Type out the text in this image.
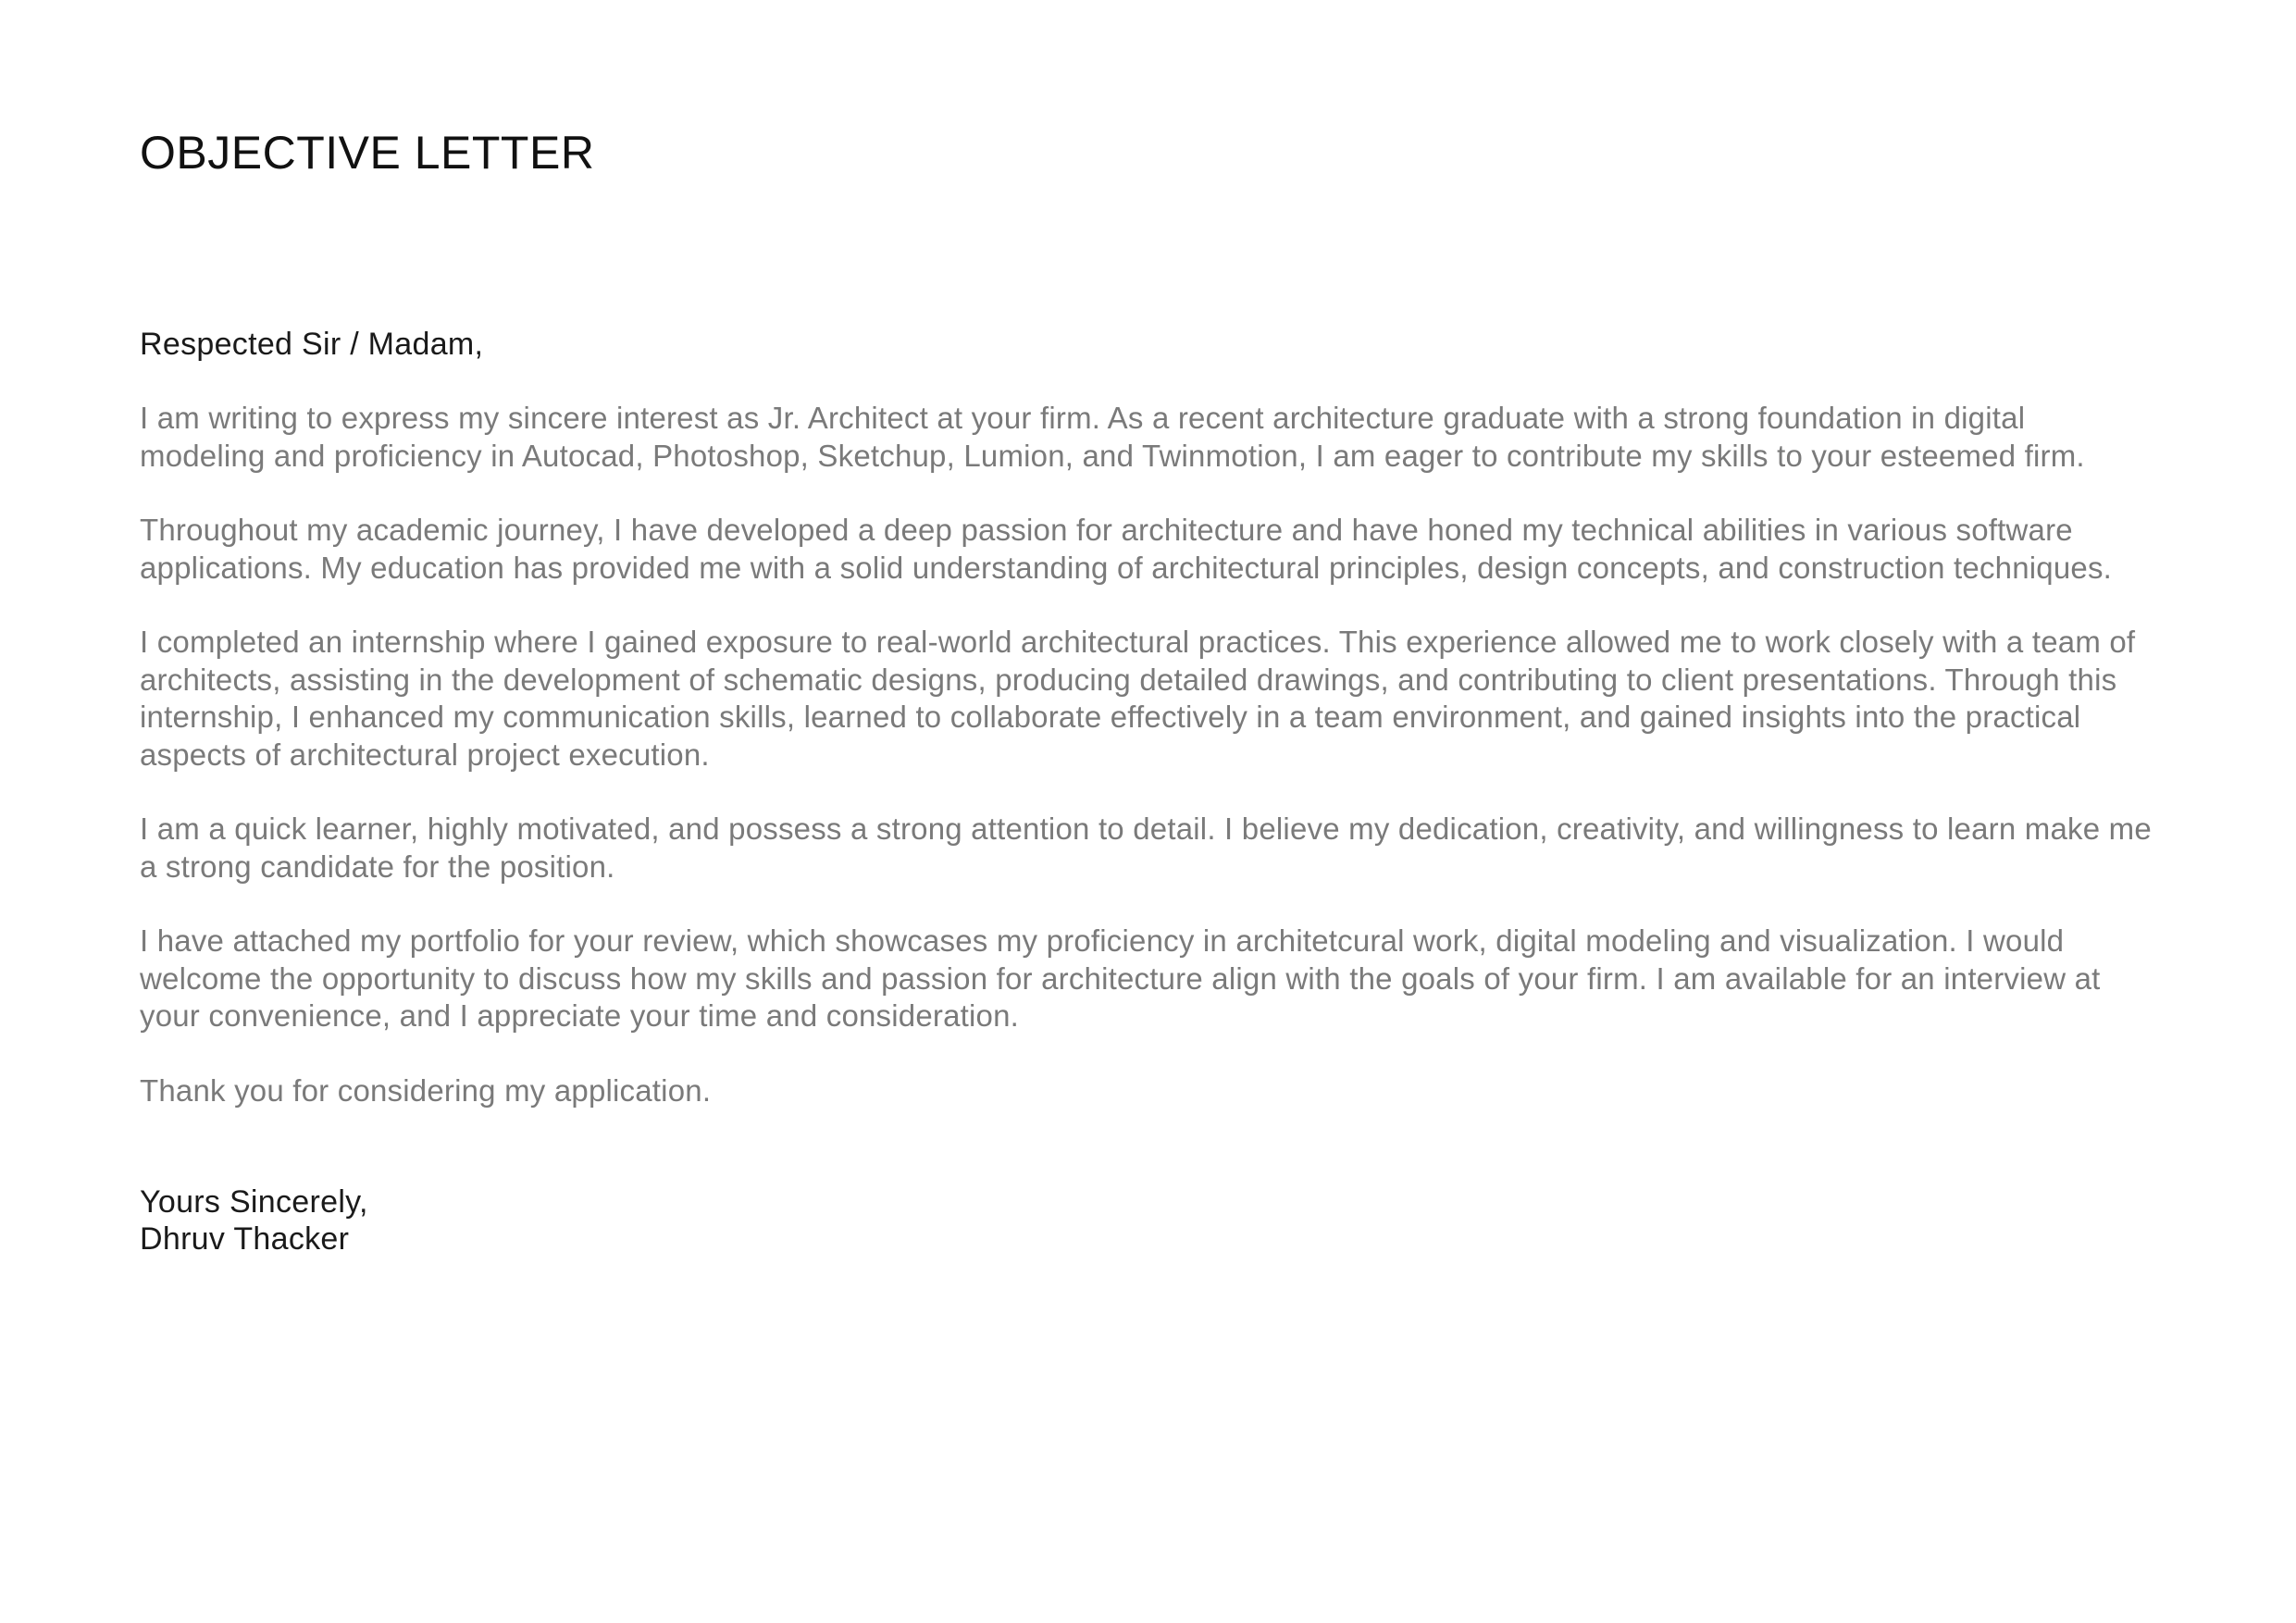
OBJECTIVE LETTER

Respected Sir / Madam,

I am writing to express my sincere interest as Jr. Architect at your firm. As a recent architecture graduate with a strong foundation in digital modeling and proficiency in Autocad, Photoshop, Sketchup, Lumion, and Twinmotion, I am eager to contribute my skills to your esteemed firm.

Throughout my academic journey, I have developed a deep passion for architecture and have honed my technical abilities in various software applications. My education has provided me with a solid understanding of architectural principles, design concepts, and construction techniques.

I completed an internship where I gained exposure to real-world architectural practices. This experience allowed me to work closely with a team of architects, assisting in the development of schematic designs, producing detailed drawings, and contributing to client presentations. Through this internship, I enhanced my communication skills, learned to collaborate effectively in a team environment, and gained insights into the practical aspects of architectural project execution.

I am a quick learner, highly motivated, and possess a strong attention to detail. I believe my dedication, creativity, and willingness to learn make me a strong candidate for the position.

I have attached my portfolio for your review, which showcases my proficiency in architetcural work, digital modeling and visualization. I would welcome the opportunity to discuss how my skills and passion for architecture align with the goals of your firm. I am available for an interview at your convenience, and I appreciate your time and consideration.

Thank you for considering my application.

Yours Sincerely,
Dhruv Thacker
